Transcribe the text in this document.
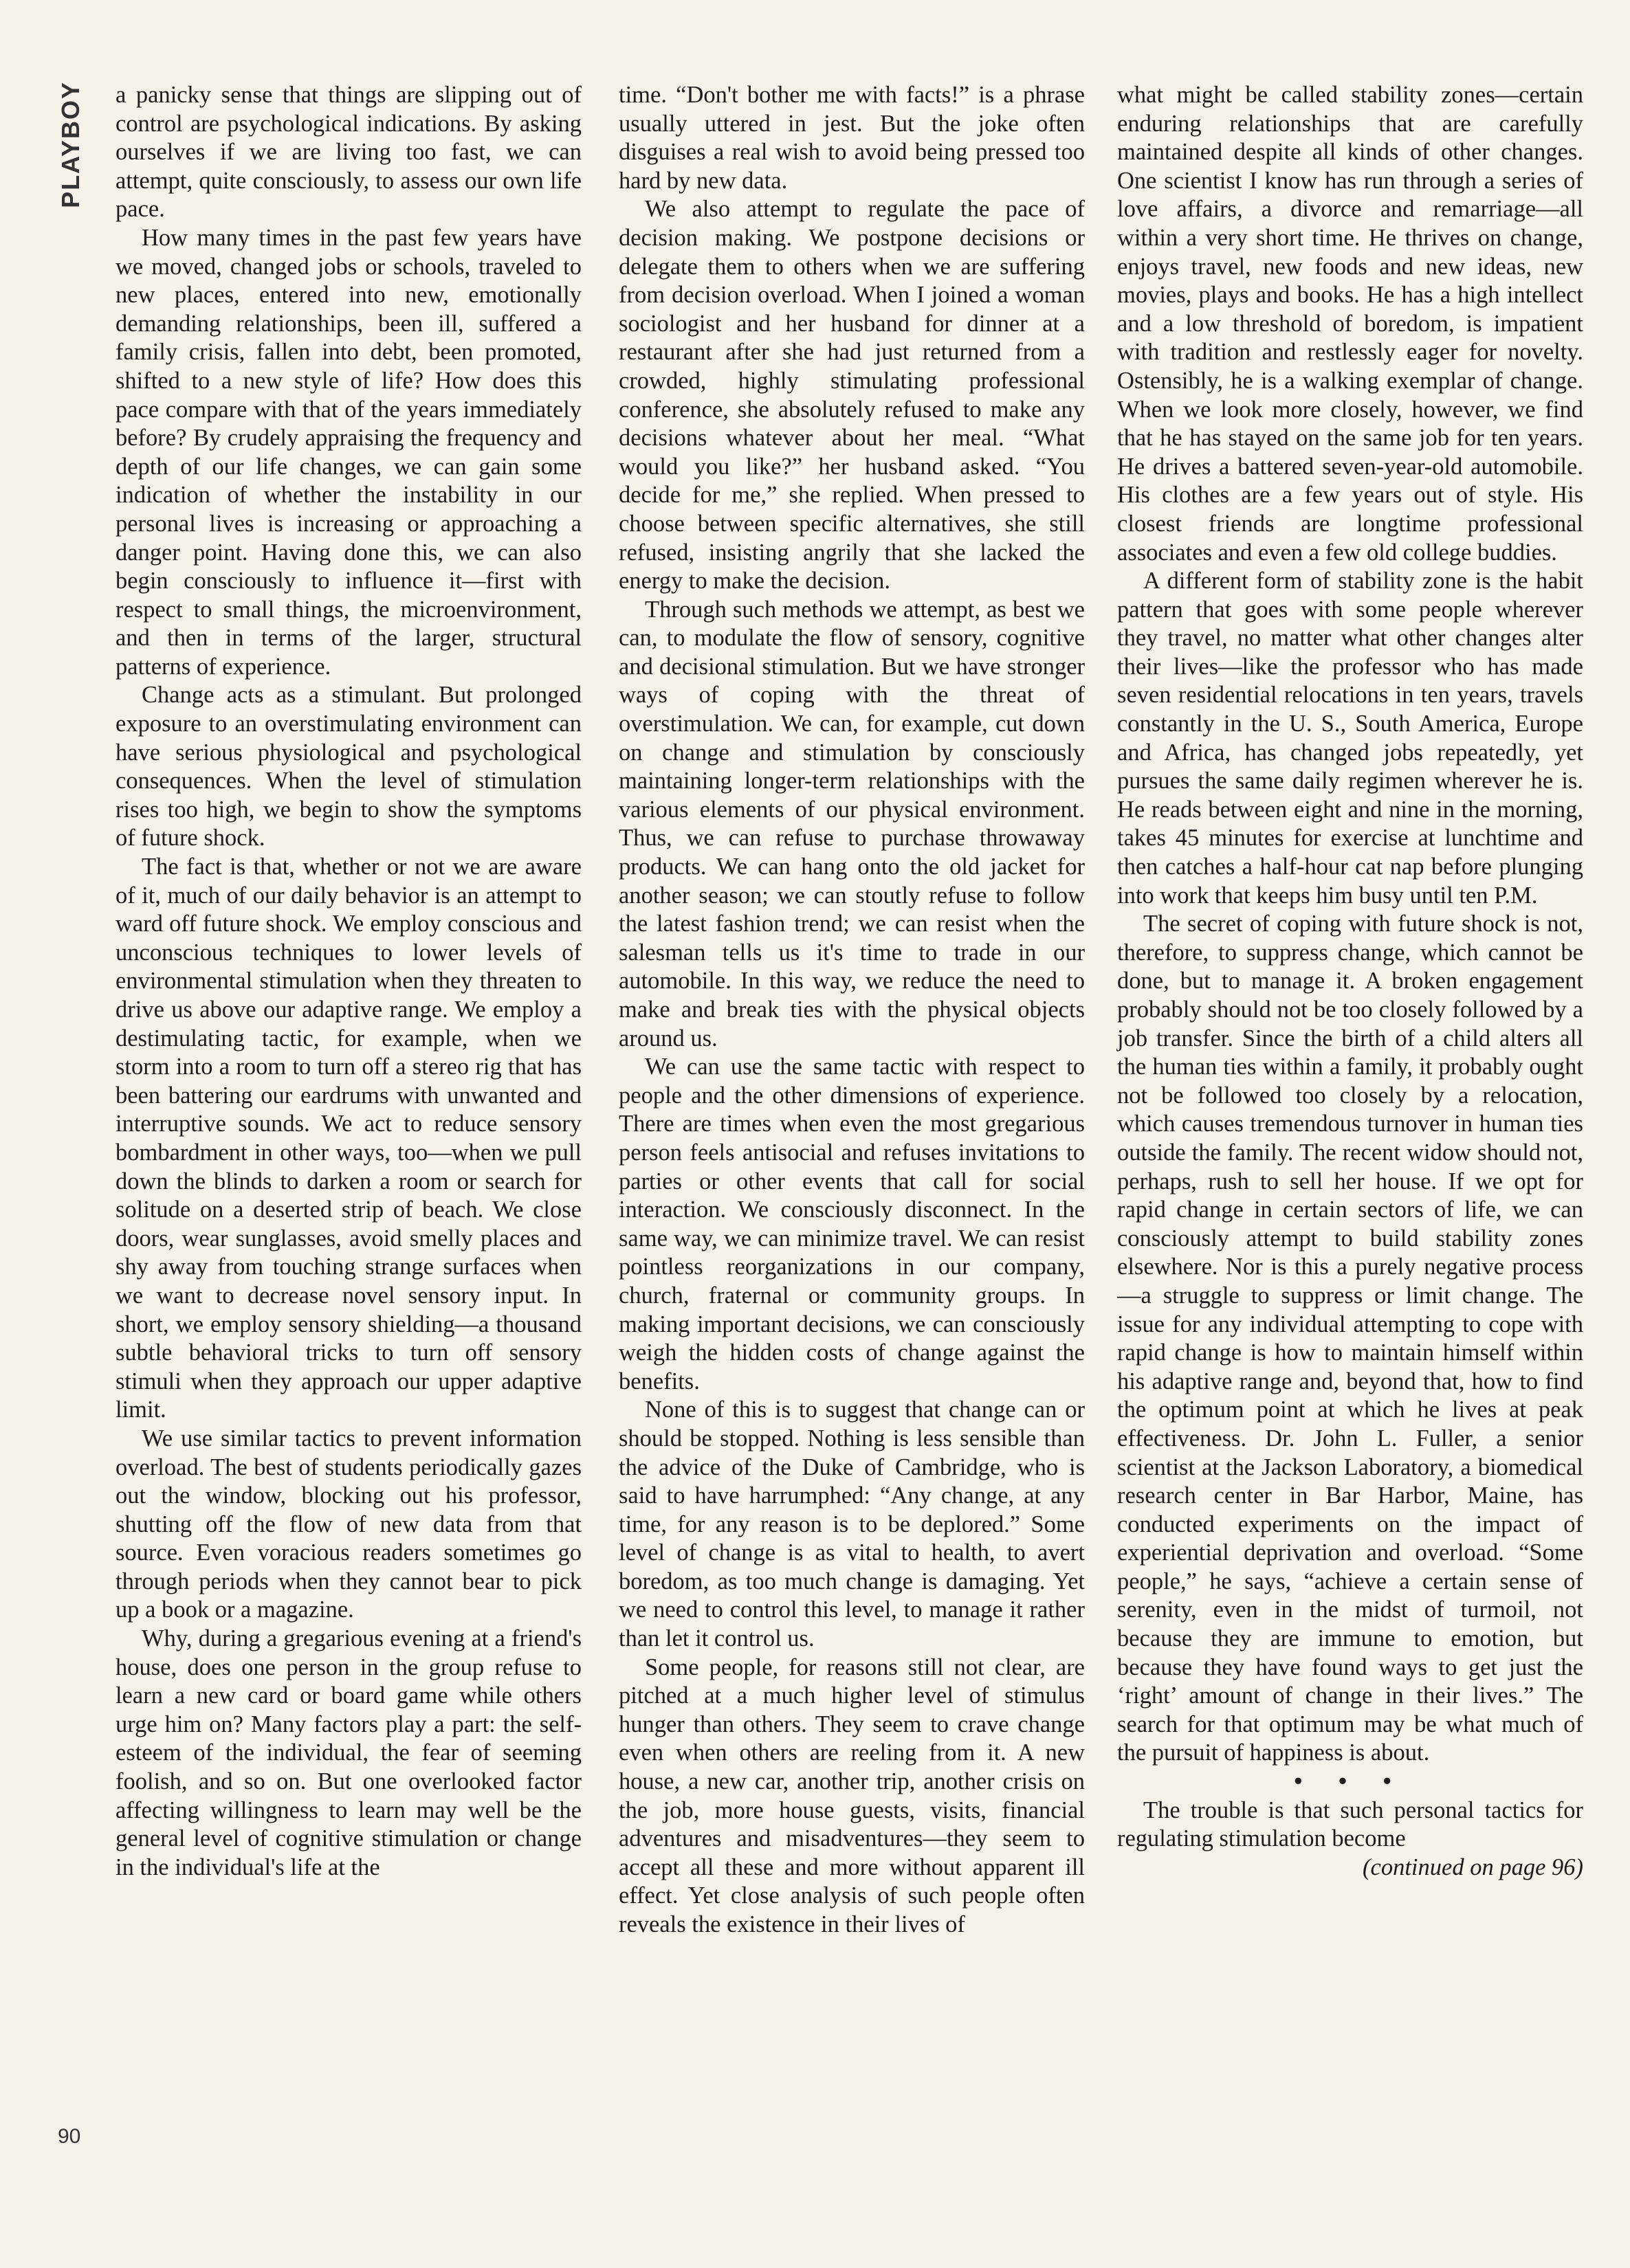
PLAYBOY a panicky sense that things are slipping out of control are psychological indications. By asking ourselves if we are living too fast, we can attempt, quite consciously, to assess our own life pace.

How many times in the past few years have we moved, changed jobs or schools, traveled to new places, entered into new, emotionally demanding relationships, been ill, suffered a family crisis, fallen into debt, been promoted, shifted to a new style of life? How does this pace compare with that of the years immediately before? By crudely appraising the frequency and depth of our life changes, we can gain some indication of whether the instability in our personal lives is increasing or approaching a danger point. Having done this, we can also begin consciously to influence it—first with respect to small things, the microenvironment, and then in terms of the larger, structural patterns of experience.

Change acts as a stimulant. But prolonged exposure to an overstimulating environment can have serious physiological and psychological consequences. When the level of stimulation rises too high, we begin to show the symptoms of future shock.

The fact is that, whether or not we are aware of it, much of our daily behavior is an attempt to ward off future shock. We employ conscious and unconscious techniques to lower levels of environmental stimulation when they threaten to drive us above our adaptive range. We employ a destimulating tactic, for example, when we storm into a room to turn off a stereo rig that has been battering our eardrums with unwanted and interruptive sounds. We act to reduce sensory bombardment in other ways, too—when we pull down the blinds to darken a room or search for solitude on a deserted strip of beach. We close doors, wear sunglasses, avoid smelly places and shy away from touching strange surfaces when we want to decrease novel sensory input. In short, we employ sensory shielding—a thousand subtle behavioral tricks to turn off sensory stimuli when they approach our upper adaptive limit.

We use similar tactics to prevent information overload. The best of students periodically gazes out the window, blocking out his professor, shutting off the flow of new data from that source. Even voracious readers sometimes go through periods when they cannot bear to pick up a book or a magazine.

Why, during a gregarious evening at a friend's house, does one person in the group refuse to learn a new card or board game while others urge him on? Many factors play a part: the self-esteem of the individual, the fear of seeming foolish, and so on. But one overlooked factor affecting willingness to learn may well be the general level of cognitive stimulation or change in the individual's life at the

time. “Don't bother me with facts!” is a phrase usually uttered in jest. But the joke often disguises a real wish to avoid being pressed too hard by new data.

We also attempt to regulate the pace of decision making. We postpone decisions or delegate them to others when we are suffering from decision overload. When I joined a woman sociologist and her husband for dinner at a restaurant after she had just returned from a crowded, highly stimulating professional conference, she absolutely refused to make any decisions whatever about her meal. “What would you like?” her husband asked. “You decide for me,” she replied. When pressed to choose between specific alternatives, she still refused, insisting angrily that she lacked the energy to make the decision.

Through such methods we attempt, as best we can, to modulate the flow of sensory, cognitive and decisional stimulation. But we have stronger ways of coping with the threat of overstimulation. We can, for example, cut down on change and stimulation by consciously maintaining longer-term relationships with the various elements of our physical environment. Thus, we can refuse to purchase throwaway products. We can hang onto the old jacket for another season; we can stoutly refuse to follow the latest fashion trend; we can resist when the salesman tells us it's time to trade in our automobile. In this way, we reduce the need to make and break ties with the physical objects around us.

We can use the same tactic with respect to people and the other dimensions of experience. There are times when even the most gregarious person feels antisocial and refuses invitations to parties or other events that call for social interaction. We consciously disconnect. In the same way, we can minimize travel. We can resist pointless reorganizations in our company, church, fraternal or community groups. In making important decisions, we can consciously weigh the hidden costs of change against the benefits.

None of this is to suggest that change can or should be stopped. Nothing is less sensible than the advice of the Duke of Cambridge, who is said to have harrumphed: “Any change, at any time, for any reason is to be deplored.” Some level of change is as vital to health, to avert boredom, as too much change is damaging. Yet we need to control this level, to manage it rather than let it control us.

Some people, for reasons still not clear, are pitched at a much higher level of stimulus hunger than others. They seem to crave change even when others are reeling from it. A new house, a new car, another trip, another crisis on the job, more house guests, visits, financial adventures and misadventures—they seem to accept all these and more without apparent ill effect. Yet close analysis of such people often reveals the existence in their lives of

what might be called stability zones—certain enduring relationships that are carefully maintained despite all kinds of other changes. One scientist I know has run through a series of love affairs, a divorce and remarriage—all within a very short time. He thrives on change, enjoys travel, new foods and new ideas, new movies, plays and books. He has a high intellect and a low threshold of boredom, is impatient with tradition and restlessly eager for novelty. Ostensibly, he is a walking exemplar of change. When we look more closely, however, we find that he has stayed on the same job for ten years. He drives a battered seven-year-old automobile. His clothes are a few years out of style. His closest friends are longtime professional associates and even a few old college buddies.

A different form of stability zone is the habit pattern that goes with some people wherever they travel, no matter what other changes alter their lives—like the professor who has made seven residential relocations in ten years, travels constantly in the U. S., South America, Europe and Africa, has changed jobs repeatedly, yet pursues the same daily regimen wherever he is. He reads between eight and nine in the morning, takes 45 minutes for exercise at lunchtime and then catches a half-hour cat nap before plunging into work that keeps him busy until ten P.M.

The secret of coping with future shock is not, therefore, to suppress change, which cannot be done, but to manage it. A broken engagement probably should not be too closely followed by a job transfer. Since the birth of a child alters all the human ties within a family, it probably ought not be followed too closely by a relocation, which causes tremendous turnover in human ties outside the family. The recent widow should not, perhaps, rush to sell her house. If we opt for rapid change in certain sectors of life, we can consciously attempt to build stability zones elsewhere. Nor is this a purely negative process—a struggle to suppress or limit change. The issue for any individual attempting to cope with rapid change is how to maintain himself within his adaptive range and, beyond that, how to find the optimum point at which he lives at peak effectiveness. Dr. John L. Fuller, a senior scientist at the Jackson Laboratory, a biomedical research center in Bar Harbor, Maine, has conducted experiments on the impact of experiential deprivation and overload. “Some people,” he says, “achieve a certain sense of serenity, even in the midst of turmoil, not because they are immune to emotion, but because they have found ways to get just the ‘right’ amount of change in their lives.” The search for that optimum may be what much of the pursuit of happiness is about.

• • •

The trouble is that such personal tactics for regulating stimulation become

(continued on page 96)

90
